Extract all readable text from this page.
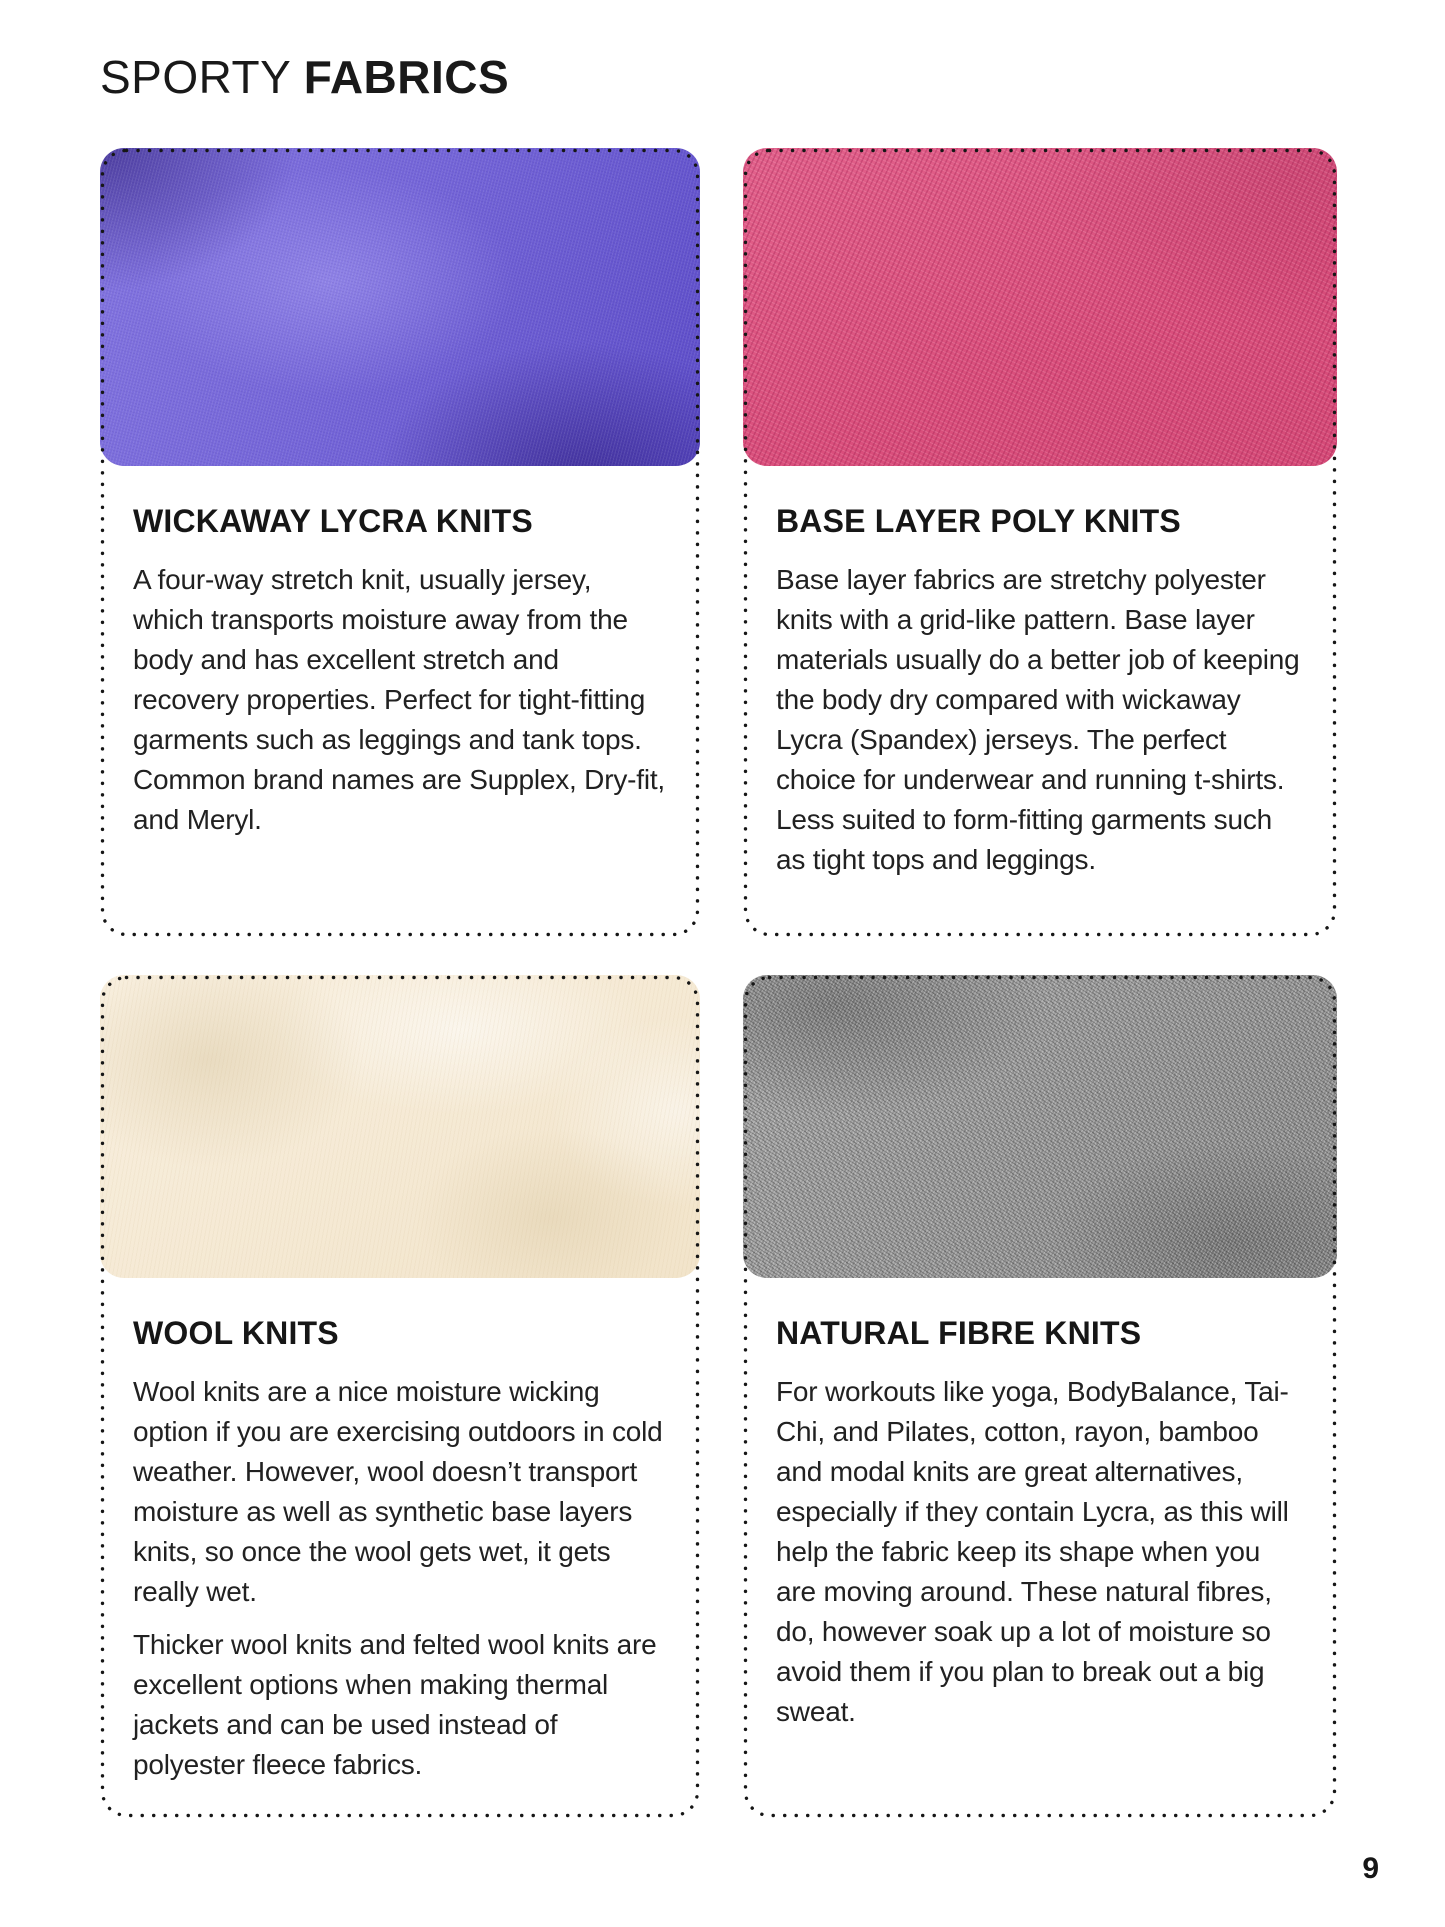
SPORTY FABRICS
WICKAWAY LYCRA KNITS

A four-way stretch knit, usually jersey, which transports moisture away from the body and has excellent stretch and recovery properties. Perfect for tight-fitting garments such as leggings and tank tops. Common brand names are Supplex, Dry-fit, and Meryl.

BASE LAYER POLY KNITS

Base layer fabrics are stretchy polyester knits with a grid-like pattern. Base layer materials usually do a better job of keeping the body dry compared with wickaway Lycra (Spandex) jerseys. The perfect choice for underwear and running t-shirts. Less suited to form-fitting garments such as tight tops and leggings.

WOOL KNITS

Wool knits are a nice moisture wicking option if you are exercising outdoors in cold weather. However, wool doesn’t transport moisture as well as synthetic base layers knits, so once the wool gets wet, it gets really wet.

Thicker wool knits and felted wool knits are excellent options when making thermal jackets and can be used instead of polyester fleece fabrics.

NATURAL FIBRE KNITS

For workouts like yoga, BodyBalance, Tai-Chi, and Pilates, cotton, rayon, bamboo and modal knits are great alternatives, especially if they contain Lycra, as this will help the fabric keep its shape when you are moving around. These natural fibres, do, however soak up a lot of moisture so avoid them if you plan to break out a big sweat.

9
